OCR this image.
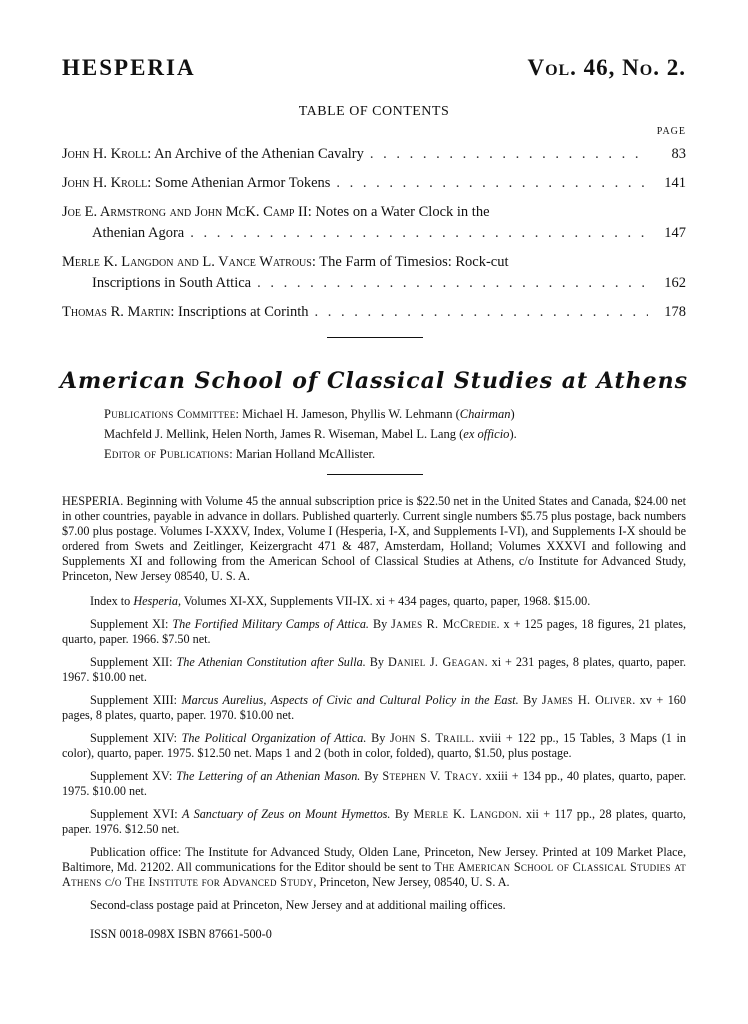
HESPERIA	Vol. 46, No. 2.
TABLE OF CONTENTS
PAGE
John H. Kroll : An Archive of the Athenian Cavalry . . .	83
John H. Kroll : Some Athenian Armor Tokens . . .	141
Joe E. Armstrong and John McK. Camp II : Notes on a Water Clock in the
Athenian Agora . . .	147
Merle K. Langdon and L. Vance Watrous : The Farm of Timesios: Rock-cut
Inscriptions in South Attica . . .	162
Thomas R. Martin : Inscriptions at Corinth . . .	178
American School of Classical Studies at Athens
Publications Committee: Michael H. Jameson, Phyllis W. Lehmann (Chairman)
Machfeld J. Mellink, Helen North, James R. Wiseman, Mabel L. Lang (ex officio).
Editor of Publications: Marian Holland McAllister.

HESPERIA. Beginning with Volume 45 the annual subscription price is $22.50 net in the United States and Canada, $24.00 net in other countries, payable in advance in dollars. Published quarterly. Current single numbers $5.75 plus postage, back numbers $7.00 plus postage. Volumes I-XXXV, Index, Volume I (Hesperia, I-X, and Supplements I-VI), and Supplements I-X should be ordered from Swets and Zeitlinger, Keizergracht 471 & 487, Amsterdam, Holland; Volumes XXXVI and following and Supplements XI and following from the American School of Classical Studies at Athens, c/o Institute for Advanced Study, Princeton, New Jersey 08540, U. S. A.

Index to Hesperia, Volumes XI-XX, Supplements VII-IX. xi + 434 pages, quarto, paper, 1968. $15.00.

Supplement XI: The Fortified Military Camps of Attica. By James R. McCredie. x + 125 pages, 18 figures, 21 plates, quarto, paper. 1966. $7.50 net.

Supplement XII: The Athenian Constitution after Sulla. By Daniel J. Geagan. xi + 231 pages, 8 plates, quarto, paper. 1967. $10.00 net.

Supplement XIII: Marcus Aurelius, Aspects of Civic and Cultural Policy in the East. By James H. Oliver. xv + 160 pages, 8 plates, quarto, paper. 1970. $10.00 net.

Supplement XIV: The Political Organization of Attica. By John S. Traill. xviii + 122 pp., 15 Tables, 3 Maps (1 in color), quarto, paper. 1975. $12.50 net. Maps 1 and 2 (both in color, folded), quarto, $1.50, plus postage.

Supplement XV: The Lettering of an Athenian Mason. By Stephen V. Tracy. xxiii + 134 pp., 40 plates, quarto, paper. 1975. $10.00 net.

Supplement XVI: A Sanctuary of Zeus on Mount Hymettos. By Merle K. Langdon. xii + 117 pp., 28 plates, quarto, paper. 1976. $12.50 net.

Publication office: The Institute for Advanced Study, Olden Lane, Princeton, New Jersey. Printed at 109 Market Place, Baltimore, Md. 21202. All communications for the Editor should be sent to The American School of Classical Studies at Athens c/o The Institute for Advanced Study, Princeton, New Jersey, 08540, U. S. A.

Second-class postage paid at Princeton, New Jersey and at additional mailing offices.

ISSN 0018-098X ISBN 87661-500-0
